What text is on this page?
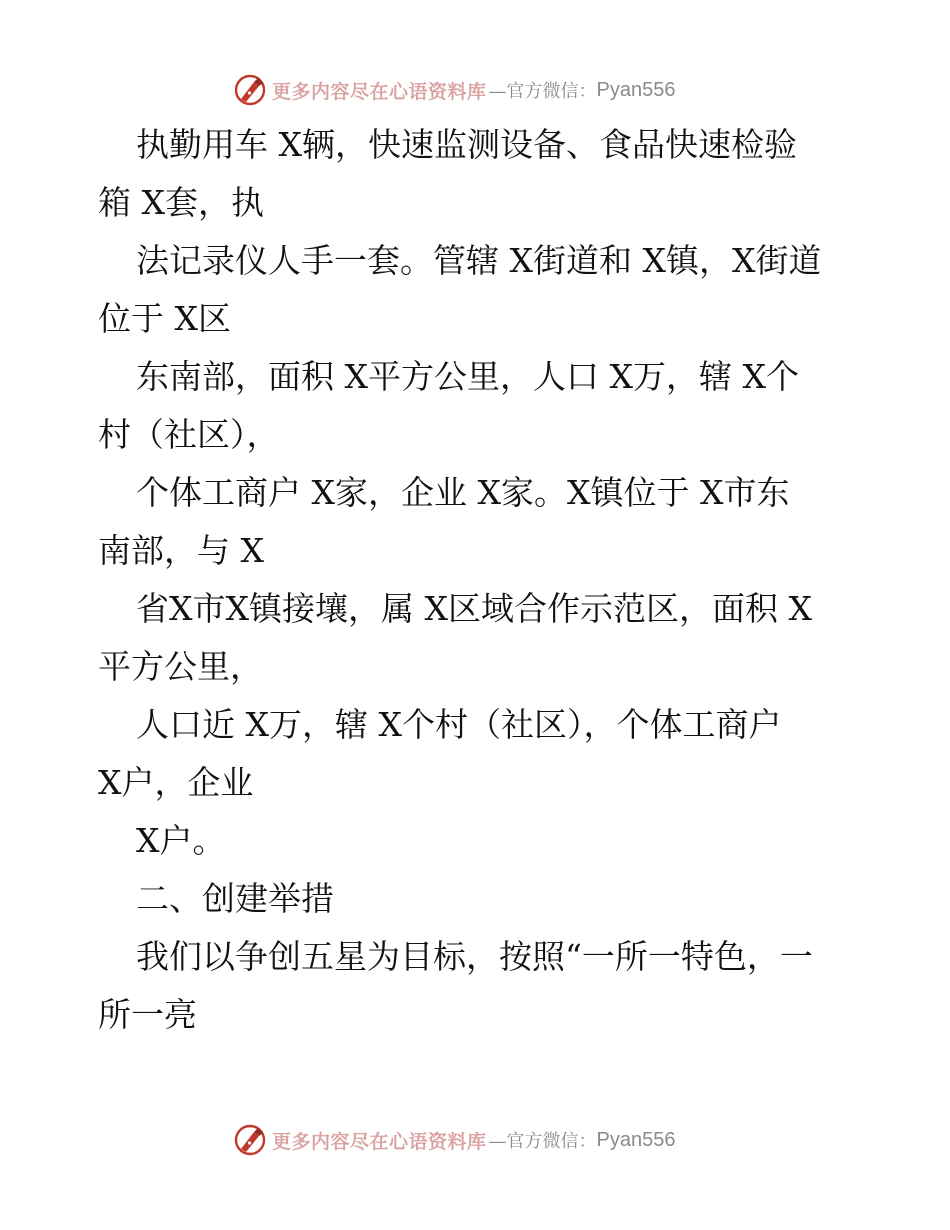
更多内容尽在心语资料库 —官方微信： Pyan556
执勤用车 X辆，快速监测设备、食品快速检验
箱 X套，执
法记录仪人手一套。管辖 X街道和 X镇，X街道
位于 X区
东南部，面积 X平方公里，人口 X万，辖 X个
村（社区），
个体工商户 X家，企业 X家。X镇位于 X市东
南部，与 X
省X市X镇接壤，属 X区域合作示范区，面积 X
平方公里，
人口近 X万，辖 X个村（社区），个体工商户
X户，企业
X户。
二、创建举措
我们以争创五星为目标，按照“一所一特色，一
所一亮
更多内容尽在心语资料库 —官方微信： Pyan556
